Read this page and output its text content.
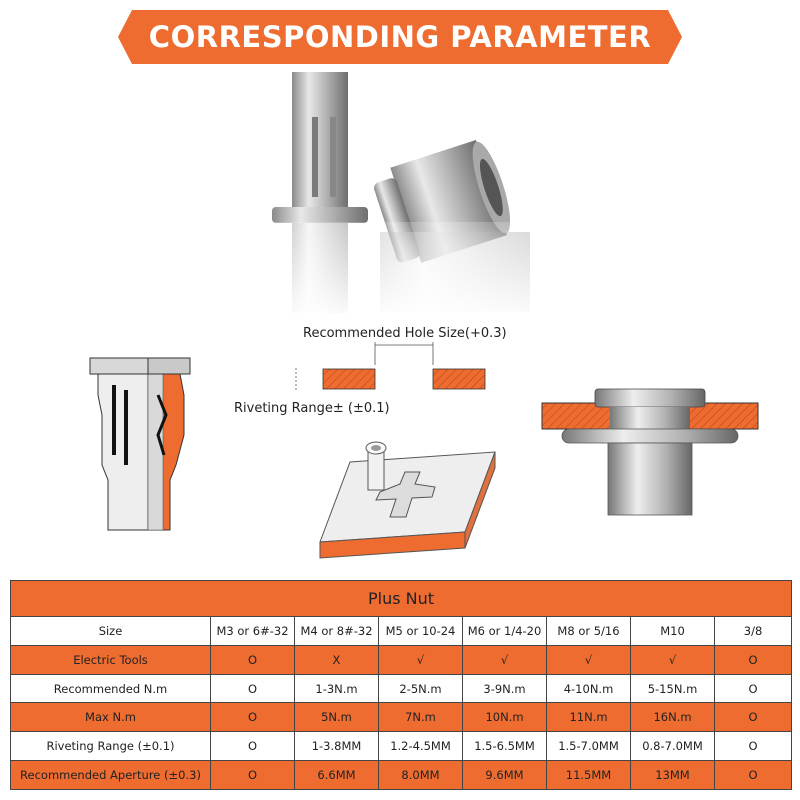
CORRESPONDING PARAMETER
Recommended Hole Size(+0.3)
Riveting Range± (±0.1)
Plus Nut							
Size	M3 or 6#-32	M4 or 8#-32	M5 or 10-24	M6 or 1/4-20	M8 or 5/16	M10	3/8
Electric Tools	O	X	√	√	√	√	O
Recommended N.m	O	1-3N.m	2-5N.m	3-9N.m	4-10N.m	5-15N.m	O
Max N.m	O	5N.m	7N.m	10N.m	11N.m	16N.m	O
Riveting Range (±0.1)	O	1-3.8MM	1.2-4.5MM	1.5-6.5MM	1.5-7.0MM	0.8-7.0MM	O
Recommended Aperture (±0.3)	O	6.6MM	8.0MM	9.6MM	11.5MM	13MM	O
